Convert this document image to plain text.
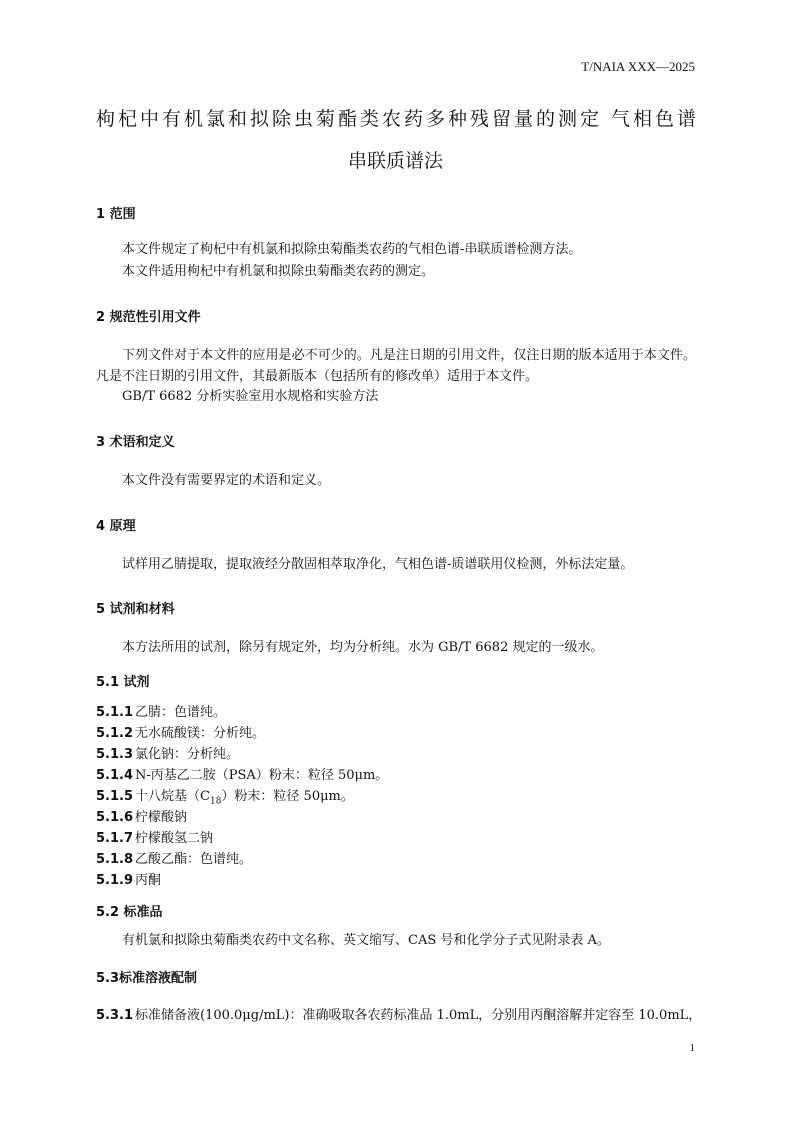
T/NAIA XXX—2025
枸杞中有机氯和拟除虫菊酯类农药多种残留量的测定 气相色谱
串联质谱法
1 范围
本文件规定了枸杞中有机氯和拟除虫菊酯类农药的气相色谱-串联质谱检测方法。
本文件适用枸杞中有机氯和拟除虫菊酯类农药的测定。
2 规范性引用文件
下列文件对于本文件的应用是必不可少的。凡是注日期的引用文件，仅注日期的版本适用于本文件。凡是不注日期的引用文件，其最新版本（包括所有的修改单）适用于本文件。
GB/T 6682 分析实验室用水规格和实验方法
3 术语和定义
本文件没有需要界定的术语和定义。
4 原理
试样用乙腈提取，提取液经分散固相萃取净化，气相色谱-质谱联用仪检测，外标法定量。
5 试剂和材料
本方法所用的试剂，除另有规定外，均为分析纯。水为 GB/T 6682 规定的一级水。
5.1 试剂
5.1.1 乙腈：色谱纯。
5.1.2 无水硫酸镁：分析纯。
5.1.3 氯化钠：分析纯。
5.1.4 N-丙基乙二胺（PSA）粉末：粒径 50μm。
5.1.5 十八烷基$(C_{18})$粉末：粒径 50μm。
5.1.6 柠檬酸钠
5.1.7 柠檬酸氢二钠
5.1.8 乙酸乙酯：色谱纯。
5.1.9 丙酮
5.2 标准品
有机氯和拟除虫菊酯类农药中文名称、英文缩写、CAS 号和化学分子式见附录表 A。
5.3标准溶液配制
5.3.1 标准储备液(100.0μg/mL)：准确吸取各农药标准品 1.0mL，分别用丙酮溶解并定容至 10.0mL，
1
